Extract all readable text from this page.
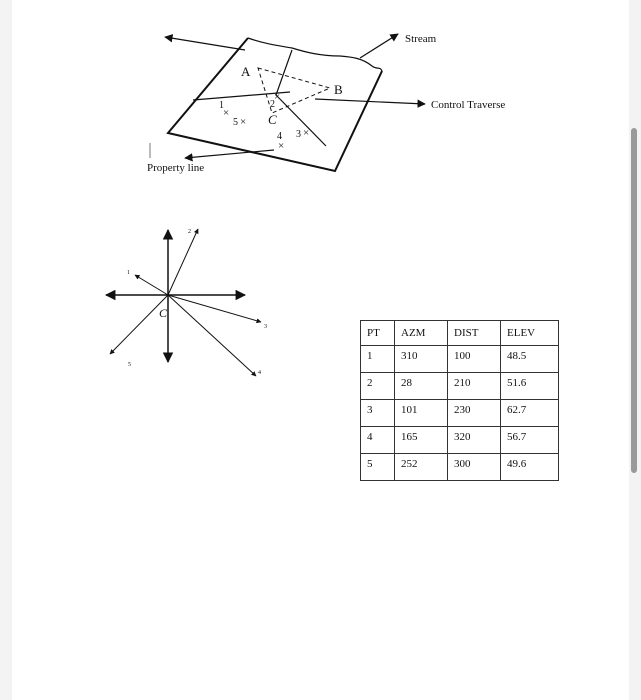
A
B
C
1
×
5 ×
2
×
4
×
3 ×
Stream
Control Traverse
Property line
C
1
2
3
4
5
PT	AZM	DIST	ELEV
1	310	100	48.5
2	28	210	51.6
3	101	230	62.7
4	165	320	56.7
5	252	300	49.6
